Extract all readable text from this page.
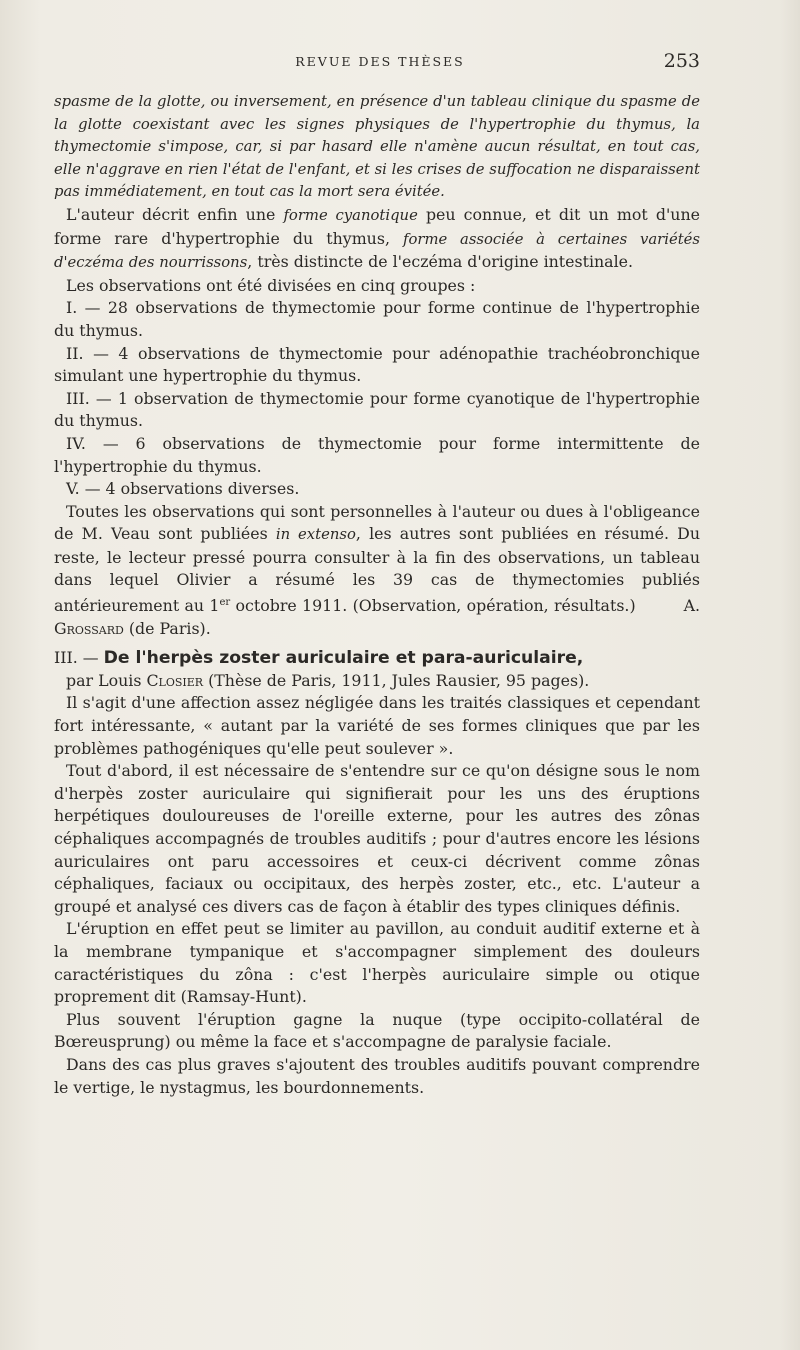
REVUE DES THÈSES	253

spasme de la glotte, ou inversement, en présence d'un tableau clinique du spasme de la glotte coexistant avec les signes physiques de l'hypertrophie du thymus, la thymectomie s'impose, car, si par hasard elle n'amène aucun résultat, en tout cas, elle n'aggrave en rien l'état de l'enfant, et si les crises de suffocation ne disparaissent pas immédiatement, en tout cas la mort sera évitée.

L'auteur décrit enfin une forme cyanotique peu connue, et dit un mot d'une forme rare d'hypertrophie du thymus, forme associée à certaines variétés d'eczéma des nourrissons, très distincte de l'eczéma d'origine intestinale.

Les observations ont été divisées en cinq groupes :

I. — 28 observations de thymectomie pour forme continue de l'hypertrophie du thymus.

II. — 4 observations de thymectomie pour adénopathie trachéobronchique simulant une hypertrophie du thymus.

III. — 1 observation de thymectomie pour forme cyanotique de l'hypertrophie du thymus.

IV. — 6 observations de thymectomie pour forme intermittente de l'hypertrophie du thymus.

V. — 4 observations diverses.

Toutes les observations qui sont personnelles à l'auteur ou dues à l'obligeance de M. Veau sont publiées in extenso, les autres sont publiées en résumé. Du reste, le lecteur pressé pourra consulter à la fin des observations, un tableau dans lequel Olivier a résumé les 39 cas de thymectomies publiés antérieurement au 1er octobre 1911. (Observation, opération, résultats.)	A. Grossard (de Paris).

III. — De l'herpès zoster auriculaire et para-auriculaire,

par Louis Closier (Thèse de Paris, 1911, Jules Rausier, 95 pages).

Il s'agit d'une affection assez négligée dans les traités classiques et cependant fort intéressante, « autant par la variété de ses formes cliniques que par les problèmes pathogéniques qu'elle peut soulever ».

Tout d'abord, il est nécessaire de s'entendre sur ce qu'on désigne sous le nom d'herpès zoster auriculaire qui signifierait pour les uns des éruptions herpétiques douloureuses de l'oreille externe, pour les autres des zônas céphaliques accompagnés de troubles auditifs ; pour d'autres encore les lésions auriculaires ont paru accessoires et ceux-ci décrivent comme zônas céphaliques, faciaux ou occipitaux, des herpès zoster, etc., etc. L'auteur a groupé et analysé ces divers cas de façon à établir des types cliniques définis.

L'éruption en effet peut se limiter au pavillon, au conduit auditif externe et à la membrane tympanique et s'accompagner simplement des douleurs caractéristiques du zôna : c'est l'herpès auriculaire simple ou otique proprement dit (Ramsay-Hunt).

Plus souvent l'éruption gagne la nuque (type occipito-collatéral de Bœreusprung) ou même la face et s'accompagne de paralysie faciale.

Dans des cas plus graves s'ajoutent des troubles auditifs pouvant comprendre le vertige, le nystagmus, les bourdonnements.
